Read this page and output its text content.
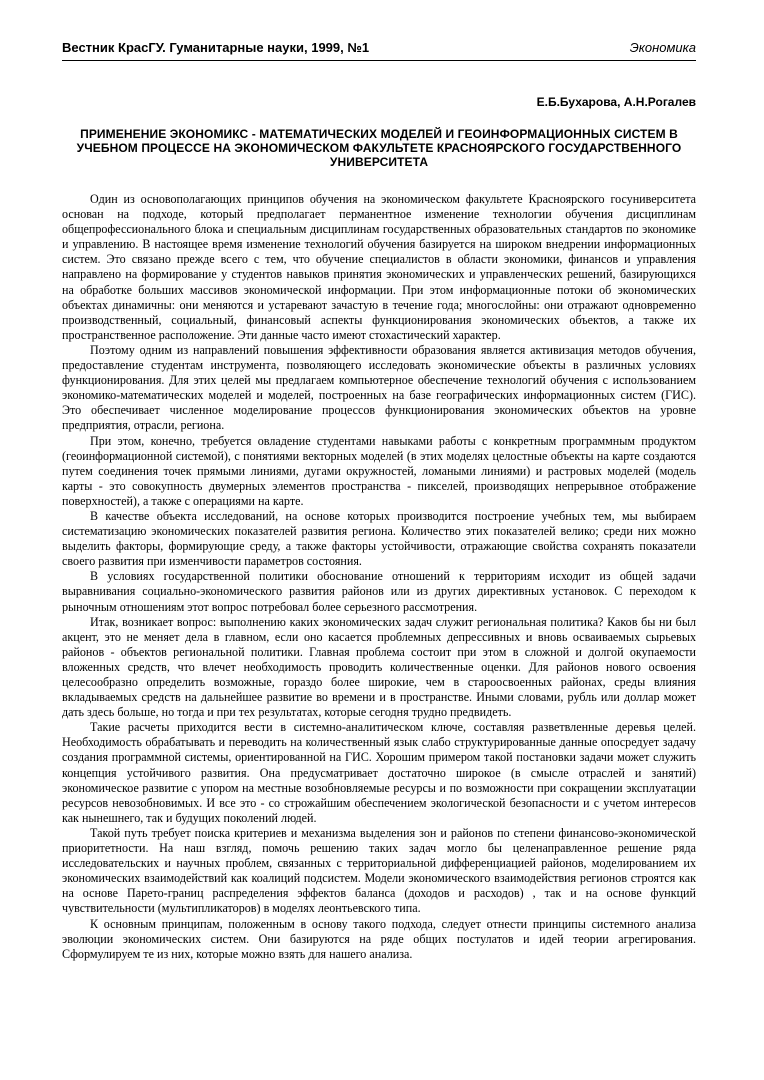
Вестник КрасГУ. Гуманитарные науки, 1999, №1	Экономика
Е.Б.Бухарова, А.Н.Рогалев
ПРИМЕНЕНИЕ ЭКОНОМИКС - МАТЕМАТИЧЕСКИХ МОДЕЛЕЙ И ГЕОИНФОРМАЦИОННЫХ СИСТЕМ В УЧЕБНОМ ПРОЦЕССЕ НА ЭКОНОМИЧЕСКОМ ФАКУЛЬТЕТЕ КРАСНОЯРСКОГО ГОСУДАРСТВЕННОГО УНИВЕРСИТЕТА

Один из основополагающих принципов обучения на экономическом факультете Красноярского госуниверситета основан на подходе, который предполагает перманентное изменение технологии обучения дисциплинам общепрофессионального блока и специальным дисциплинам государственных образовательных стандартов по экономике и управлению. В настоящее время изменение технологий обучения базируется на широком внедрении информационных систем. Это связано прежде всего с тем, что обучение специалистов в области экономики, финансов и управления направлено на формирование у студентов навыков принятия экономических и управленческих решений, базирующихся на обработке больших массивов экономической информации. При этом информационные потоки об экономических объектах динамичны: они меняются и устаревают зачастую в течение года; многослойны: они отражают одновременно производственный, социальный, финансовый аспекты функционирования экономических объектов, а также их пространственное расположение. Эти данные часто имеют стохастический характер.

Поэтому одним из направлений повышения эффективности образования является активизация методов обучения, предоставление студентам инструмента, позволяющего исследовать экономические объекты в различных условиях функционирования. Для этих целей мы предлагаем компьютерное обеспечение технологий обучения с использованием экономико-математических моделей и моделей, построенных на базе географических информационных систем (ГИС). Это обеспечивает численное моделирование процессов функционирования экономических объектов на уровне предприятия, отрасли, региона.

При этом, конечно, требуется овладение студентами навыками работы с конкретным программным продуктом (геоинформационной системой), с понятиями векторных моделей (в этих моделях целостные объекты на карте создаются путем соединения точек прямыми линиями, дугами окружностей, ломаными линиями) и растровых моделей (модель карты - это совокупность двумерных элементов пространства - пикселей, производящих непрерывное отображение поверхностей), а также с операциями на карте.

В качестве объекта исследований, на основе которых производится построение учебных тем, мы выбираем систематизацию экономических показателей развития региона. Количество этих показателей велико; среди них можно выделить факторы, формирующие среду, а также факторы устойчивости, отражающие свойства сохранять показатели своего развития при изменчивости параметров состояния.

В условиях государственной политики обоснование отношений к территориям исходит из общей задачи выравнивания социально-экономического развития районов или из других директивных установок. С переходом к рыночным отношениям этот вопрос потребовал более серьезного рассмотрения.

Итак, возникает вопрос: выполнению каких экономических задач служит региональная политика? Каков бы ни был акцент, это не меняет дела в главном, если оно касается проблемных депрессивных и вновь осваиваемых сырьевых районов - объектов региональной политики. Главная проблема состоит при этом в сложной и долгой окупаемости вложенных средств, что влечет необходимость проводить количественные оценки. Для районов нового освоения целесообразно определить возможные, гораздо более широкие, чем в староосвоенных районах, среды влияния вкладываемых средств на дальнейшее развитие во времени и в пространстве. Иными словами, рубль или доллар может дать здесь больше, но тогда и при тех результатах, которые сегодня трудно предвидеть.

Такие расчеты приходится вести в системно-аналитическом ключе, составляя разветвленные деревья целей. Необходимость обрабатывать и переводить на количественный язык слабо структурированные данные опосредует задачу создания программной системы, ориентированной на ГИС. Хорошим примером такой постановки задачи может служить концепция устойчивого развития. Она предусматривает достаточно широкое (в смысле отраслей и занятий) экономическое развитие с упором на местные возобновляемые ресурсы и по возможности при сокращении эксплуатации ресурсов невозобновимых. И все это - со строжайшим обеспечением экологической безопасности и с учетом интересов как нынешнего, так и будущих поколений людей.

Такой путь требует поиска критериев и механизма выделения зон и районов по степени финансово-экономической приоритетности. На наш взгляд, помочь решению таких задач могло бы целенаправленное решение ряда исследовательских и научных проблем, связанных с территориальной дифференциацией районов, моделированием их экономических взаимодействий как коалиций подсистем. Модели экономического взаимодействия регионов строятся как на основе Парето-границ распределения эффектов баланса (доходов и расходов) , так и на основе функций чувствительности (мультипликаторов) в моделях леонтьевского типа.

К основным принципам, положенным в основу такого подхода, следует отнести принципы системного анализа эволюции экономических систем. Они базируются на ряде общих постулатов и идей теории агрегирования. Сформулируем те из них, которые можно взять для нашего анализа.
